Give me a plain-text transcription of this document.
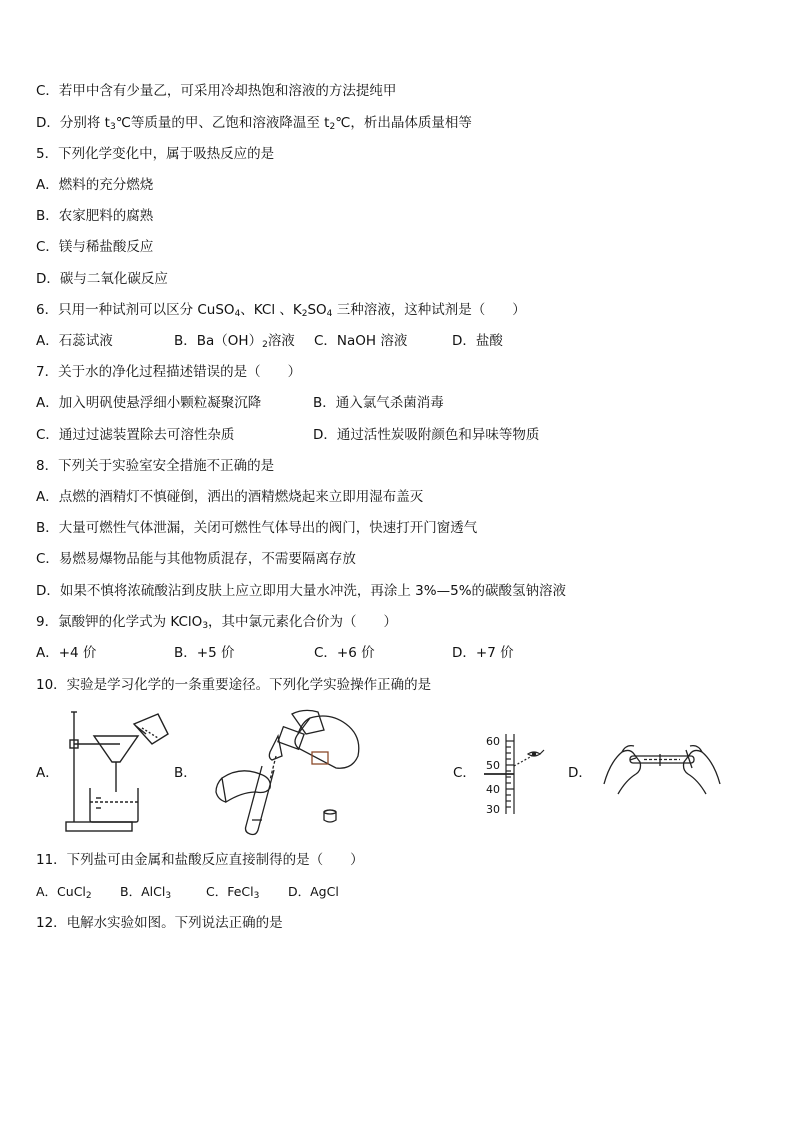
C．若甲中含有少量乙，可采用冷却热饱和溶液的方法提纯甲
D．分别将 $t_3℃$等质量的甲、乙饱和溶液降温至 $t_2℃$，析出晶体质量相等
5．下列化学变化中，属于吸热反应的是
A．燃料的充分燃烧
B．农家肥料的腐熟
C．镁与稀盐酸反应
D．碳与二氧化碳反应
6．只用一种试剂可以区分 CuSO$_4$、KCl 、$K_2SO_4$ 三种溶液，这种试剂是（　　）
A．石蕊试液	B．$Ba(OH)_2$溶液 C．NaOH 溶液	D．盐酸
7．关于水的净化过程描述错误的是（　　）
A．加入明矾使悬浮细小颗粒凝聚沉降	B．通入氯气杀菌消毒
C．通过过滤装置除去可溶性杂质	D．通过活性炭吸附颜色和异味等物质
8．下列关于实验室安全措施不正确的是
A．点燃的酒精灯不慎碰倒，洒出的酒精燃烧起来立即用湿布盖灭
B．大量可燃性气体泄漏，关闭可燃性气体导出的阀门，快速打开门窗透气
C．易燃易爆物品能与其他物质混存，不需要隔离存放
D．如果不慎将浓硫酸沾到皮肤上应立即用大量水冲洗，再涂上 3%—5%的碳酸氢钠溶液
9．氯酸钾的化学式为 KClO$_3$，其中氯元素化合价为（　　）
A．+4 价	B．+5 价	C．+6 价	D．+7 价
10．实验是学习化学的一条重要途径。下列化学实验操作正确的是
A．	B．	C．	D．
60
50
40
30
11．下列盐可由金属和盐酸反应直接制得的是（　　）
A．CuCl$_2$ B．AlCl$_3$	C．FeCl$_3$ D．AgCl
12．电解水实验如图。下列说法正确的是
